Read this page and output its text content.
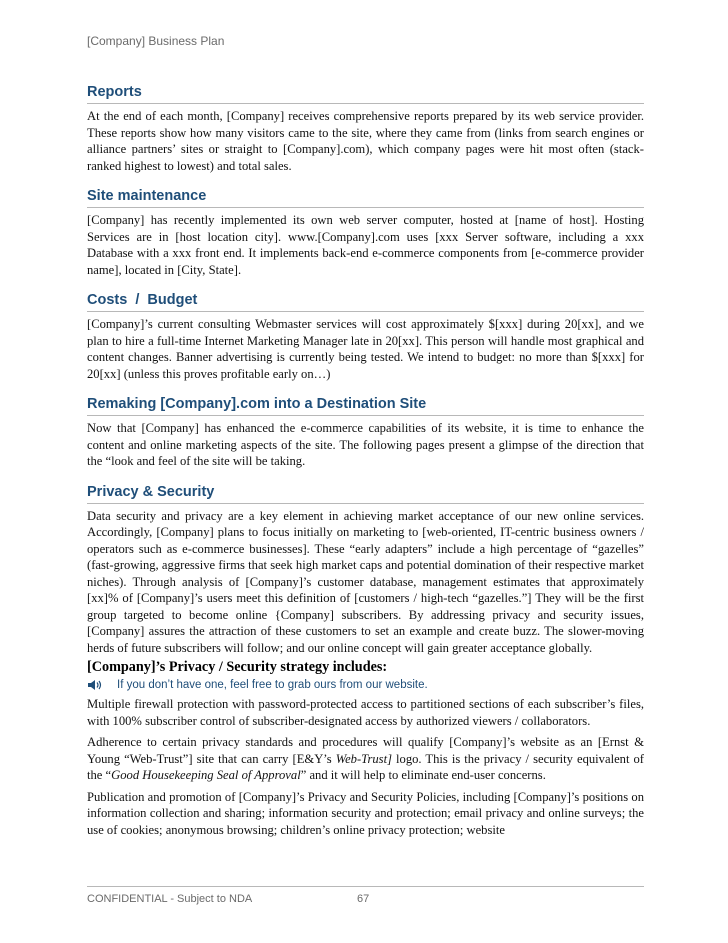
[Company] Business Plan
Reports

At the end of each month, [Company] receives comprehensive reports prepared by its web service provider. These reports show how many visitors came to the site, where they came from (links from search engines or alliance partners’ sites or straight to [Company].com), which company pages were hit most often (stack-ranked highest to lowest) and total sales.

Site maintenance

[Company] has recently implemented its own web server computer, hosted at [name of host]. Hosting Services are in [host location city]. www.[Company].com uses [xxx Server software, including a xxx Database with a xxx front end. It implements back-end e-commerce components from [e-commerce provider name], located in [City, State].

Costs  /  Budget

[Company]’s current consulting Webmaster services will cost approximately $[xxx] during 20[xx], and we plan to hire a full-time Internet Marketing Manager late in 20[xx]. This person will handle most graphical and content changes. Banner advertising is currently being tested. We intend to budget: no more than $[xxx] for 20[xx] (unless this proves profitable early on…)

Remaking [Company].com into a Destination Site

Now that [Company] has enhanced the e-commerce capabilities of its website, it is time to enhance the content and online marketing aspects of the site. The following pages present a glimpse of the direction that the “look and feel of the site will be taking.

Privacy & Security

Data security and privacy are a key element in achieving market acceptance of our new online services. Accordingly, [Company] plans to focus initially on marketing to [web-oriented, IT-centric business owners / operators such as e-commerce businesses]. These “early adapters” include a high percentage of “gazelles” (fast-growing, aggressive firms that seek high market caps and potential domination of their respective market niches). Through analysis of [Company]’s customer database, management estimates that approximately [xx]% of [Company]’s users meet this definition of [customers / high-tech “gazelles.”] They will be the first group targeted to become online {Company] subscribers. By addressing privacy and security issues, [Company] assures the attraction of these customers to set an example and create buzz. The slower-moving herds of future subscribers will follow; and our online concept will gain greater acceptance globally.

[Company]’s Privacy / Security strategy includes:
If you don’t have one, feel free to grab ours from our website.

Multiple firewall protection with password-protected access to partitioned sections of each subscriber’s files, with 100% subscriber control of subscriber-designated access by authorized viewers / collaborators.

Adherence to certain privacy standards and procedures will qualify [Company]’s website as an [Ernst & Young “Web-Trust”] site that can carry [E&Y’s Web-Trust] logo. This is the privacy / security equivalent of the “Good Housekeeping Seal of Approval” and it will help to eliminate end-user concerns.

Publication and promotion of [Company]’s Privacy and Security Policies, including [Company]’s positions on information collection and sharing; information security and protection; email privacy and online surveys; the use of cookies; anonymous browsing; children’s online privacy protection; website

CONFIDENTIAL - Subject to NDA	67
